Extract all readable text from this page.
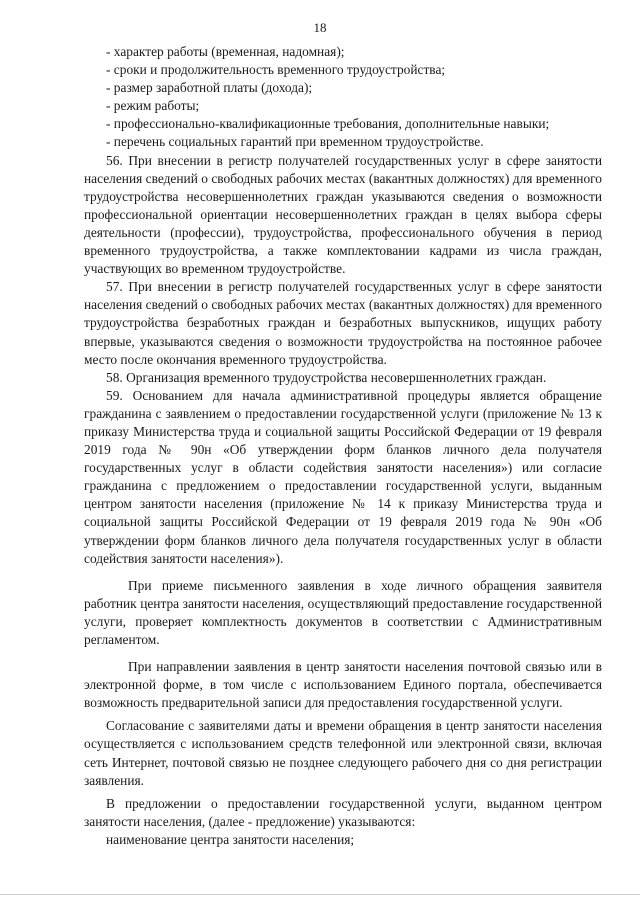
18

- характер работы (временная, надомная);

- сроки и продолжительность временного трудоустройства;

- размер заработной платы (дохода);

- режим работы;

- профессионально-квалификационные требования, дополнительные навыки;

- перечень социальных гарантий при временном трудоустройстве.

56. При внесении в регистр получателей государственных услуг в сфере занятости населения сведений о свободных рабочих местах (вакантных должностях) для временного трудоустройства несовершеннолетних граждан указываются сведения о возможности профессиональной ориентации несовершеннолетних граждан в целях выбора сферы деятельности (профессии), трудоустройства, профессионального обучения в период временного трудоустройства, а также комплектовании кадрами из числа граждан, участвующих во временном трудоустройстве.

57. При внесении в регистр получателей государственных услуг в сфере занятости населения сведений о свободных рабочих местах (вакантных должностях) для временного трудоустройства безработных граждан и безработных выпускников, ищущих работу впервые, указываются сведения о возможности трудоустройства на постоянное рабочее место после окончания временного трудоустройства.

58. Организация временного трудоустройства несовершеннолетних граждан.

59. Основанием для начала административной процедуры является обращение гражданина с заявлением о предоставлении государственной услуги (приложение № 13 к приказу Министерства труда и социальной защиты Российской Федерации от 19 февраля 2019 года № 90н «Об утверждении форм бланков личного дела получателя государственных услуг в области содействия занятости населения») или согласие гражданина с предложением о предоставлении государственной услуги, выданным центром занятости населения (приложение № 14 к приказу Министерства труда и социальной защиты Российской Федерации от 19 февраля 2019 года № 90н «Об утверждении форм бланков личного дела получателя государственных услуг в области содействия занятости населения»).

При приеме письменного заявления в ходе личного обращения заявителя работник центра занятости населения, осуществляющий предоставление государственной услуги, проверяет комплектность документов в соответствии с Административным регламентом.

При направлении заявления в центр занятости населения почтовой связью или в электронной форме, в том числе с использованием Единого портала, обеспечивается возможность предварительной записи для предоставления государственной услуги.

Согласование с заявителями даты и времени обращения в центр занятости населения осуществляется с использованием средств телефонной или электронной связи, включая сеть Интернет, почтовой связью не позднее следующего рабочего дня со дня регистрации заявления.

В предложении о предоставлении государственной услуги, выданном центром занятости населения, (далее - предложение) указываются:

наименование центра занятости населения;
